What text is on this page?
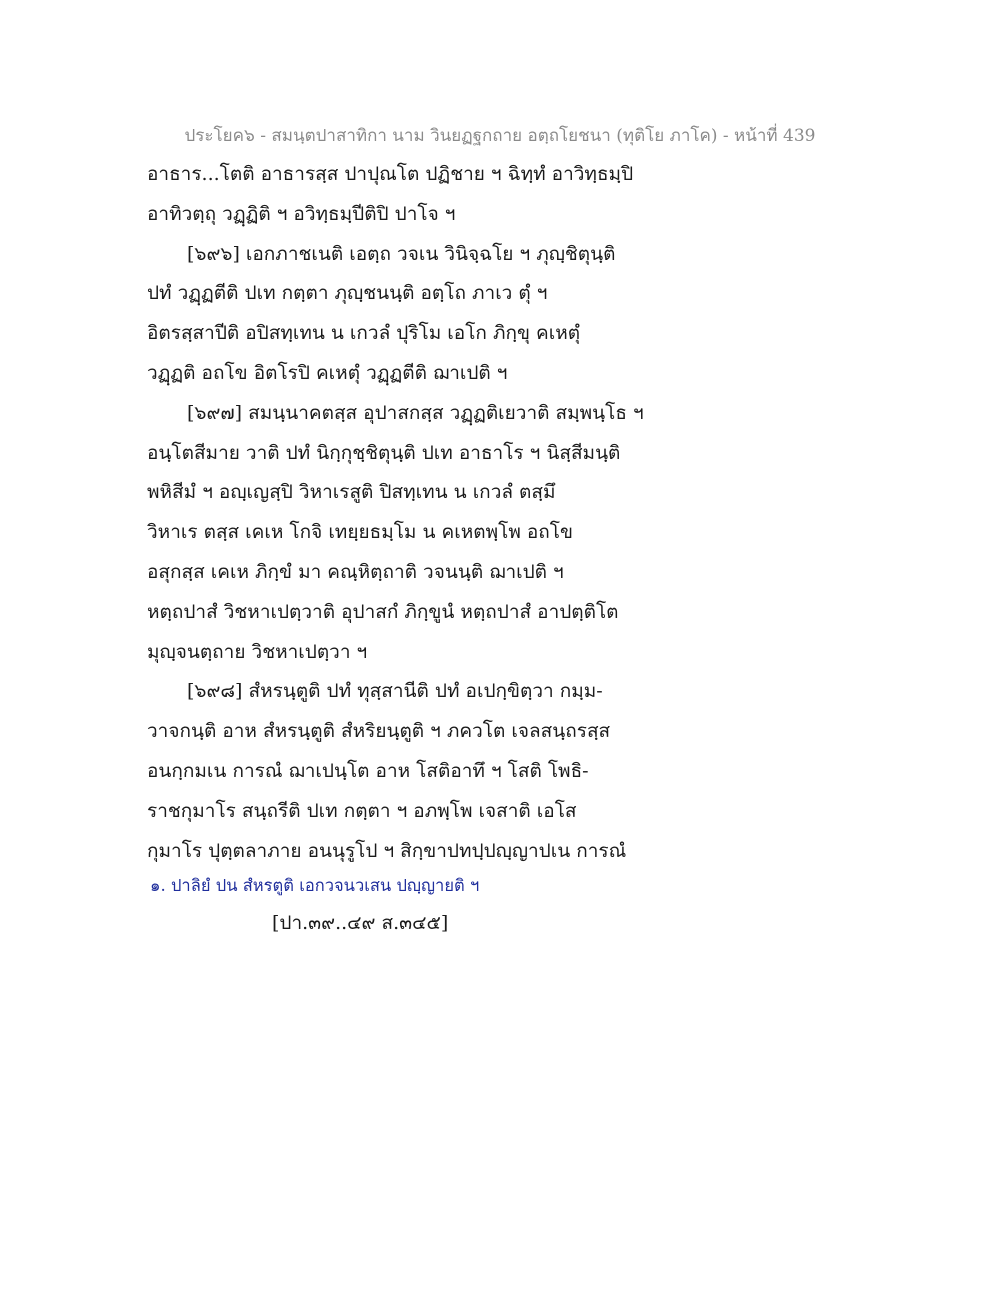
ประโยค๖ - สมนฺตปาสาทิกา นาม วินยฏฐกถาย อตฺถโยชนา (ทุติโย ภาโค) - หน้าที่ 439
อาธาร...โตติ อาธารสฺส ปาปุณโต ปฏิชาย ฯ ฉิทฺทํ อาวิทฺธมฺปิ
อาทิวตฺถุ วฏฺฏิติ ฯ อวิทฺธมฺปีติปิ ปาโจ ฯ
[๖๙๖] เอกภาชเนติ เอตฺถ วจเน วินิจฺฉโย ฯ ภุญฺชิตุนฺติ
ปทํ วฏฺฏตีติ ปเท กตฺตา ภุญฺชนนฺติ อตฺโถ ภาเว ตุํ ฯ
อิตรสฺสาปีติ อปิสทฺเทน น เกวลํ ปุริโม เอโก ภิกฺขุ คเหตุํ
วฏฺฏติ อถโข อิตโรปิ คเหตุํ วฏฺฏตีติ ฌาเปติ ฯ
[๖๙๗] สมนฺนาคตสฺส อุปาสกสฺส วฏฺฏติเยวาติ สมฺพนฺโธ ฯ
อนฺโตสีมาย วาติ ปทํ นิกฺกุชฺชิตุนฺติ ปเท อาธาโร ฯ นิสฺสีมนฺติ
พหิสีมํ ฯ อญฺเญสฺปิ วิหาเรสูติ ปิสทฺเทน น เกวลํ ตสฺมึ
วิหาเร ตสฺส เคเห โกจิ เทยฺยธมฺโม น คเหตพฺโพ อถโข
อสุกสฺส เคเห ภิกฺขํ มา คณฺหิตฺถาติ วจนนฺติ ฌาเปติ ฯ
หตฺถปาสํ วิชหาเปตฺวาติ อุปาสกํ ภิกฺขูนํ หตฺถปาสํ อาปตฺติโต
มุญฺจนตฺถาย วิชหาเปตฺวา ฯ
[๖๙๘] สํหรนฺตูติ ปทํ ทุสฺสานีติ ปทํ อเปกฺขิตฺวา กมฺม-
วาจกนฺติ อาห สํหรนฺตูติ สํหริยนฺตูติ ฯ ภควโต เจลสนฺถรสฺส
อนกฺกมเน การณํ ฌาเปนฺโต อาห โสติอาทึ ฯ โสติ โพธิ-
ราชกุมาโร สนฺถรีติ ปเท กตฺตา ฯ อภพฺโพ เจสาติ เอโส
กุมาโร ปุตฺตลาภาย อนนุรูโป ฯ สิกฺขาปทปฺปญฺญาปเน การณํ
๑. ปาลิยํ ปน สํหรตูติ เอกวจนวเสน ปญฺญายติ ฯ
[ปา.๓๙..๔๙ ส.๓๔๕]
